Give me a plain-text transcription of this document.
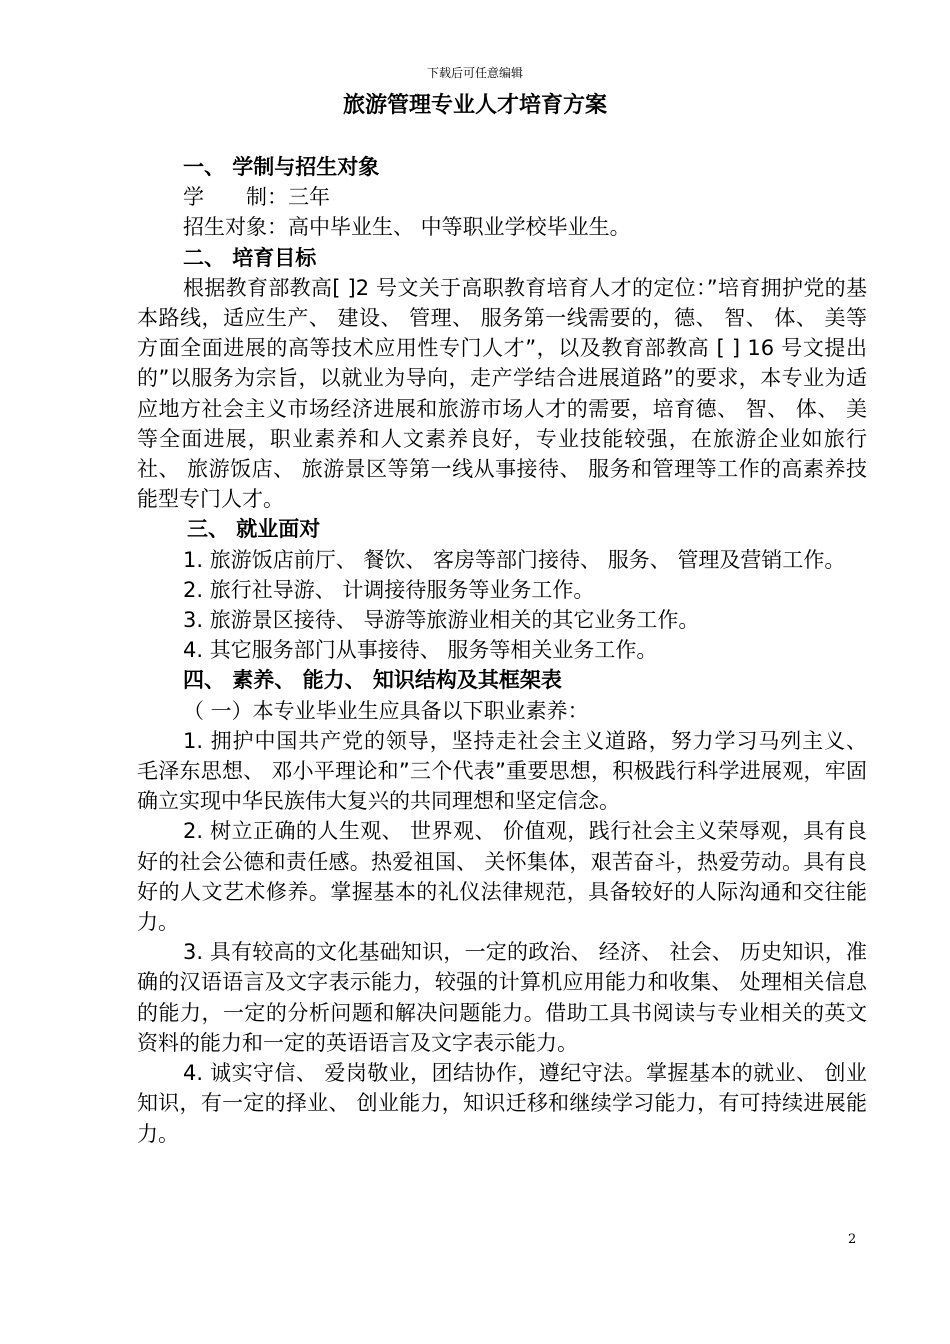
下载后可任意编辑
旅游管理专业人才培育方案

一、 学制与招生对象

学　　制：三年

招生对象：高中毕业生、 中等职业学校毕业生。

二、 培育目标

根据教育部教高[ ]2 号文关于高职教育培育人才的定位：”培育拥护党的基本路线，适应生产、 建设、 管理、 服务第一线需要的，德、 智、 体、 美等方面全面进展的高等技术应用性专门人才”，以及教育部教高 [ ] 16 号文提出的”以服务为宗旨，以就业为导向，走产学结合进展道路”的要求，本专业为适应地方社会主义市场经济进展和旅游市场人才的需要，培育德、 智、 体、 美等全面进展，职业素养和人文素养良好，专业技能较强，在旅游企业如旅行社、 旅游饭店、 旅游景区等第一线从事接待、 服务和管理等工作的高素养技能型专门人才。

三、 就业面对

1. 旅游饭店前厅、 餐饮、 客房等部门接待、 服务、 管理及营销工作。

2. 旅行社导游、 计调接待服务等业务工作。

3. 旅游景区接待、 导游等旅游业相关的其它业务工作。

4. 其它服务部门从事接待、 服务等相关业务工作。

四、 素养、 能力、 知识结构及其框架表

（ 一）本专业毕业生应具备以下职业素养：

1. 拥护中国共产党的领导，坚持走社会主义道路，努力学习马列主义、 毛泽东思想、 邓小平理论和”三个代表”重要思想，积极践行科学进展观，牢固确立实现中华民族伟大复兴的共同理想和坚定信念。

2. 树立正确的人生观、 世界观、 价值观，践行社会主义荣辱观，具有良好的社会公德和责任感。热爱祖国、 关怀集体，艰苦奋斗，热爱劳动。具有良好的人文艺术修养。掌握基本的礼仪法律规范，具备较好的人际沟通和交往能力。

3. 具有较高的文化基础知识，一定的政治、 经济、 社会、 历史知识，准确的汉语语言及文字表示能力，较强的计算机应用能力和收集、 处理相关信息的能力，一定的分析问题和解决问题能力。借助工具书阅读与专业相关的英文资料的能力和一定的英语语言及文字表示能力。

4. 诚实守信、 爱岗敬业，团结协作，遵纪守法。掌握基本的就业、 创业知识，有一定的择业、 创业能力，知识迁移和继续学习能力，有可持续进展能力。

2
